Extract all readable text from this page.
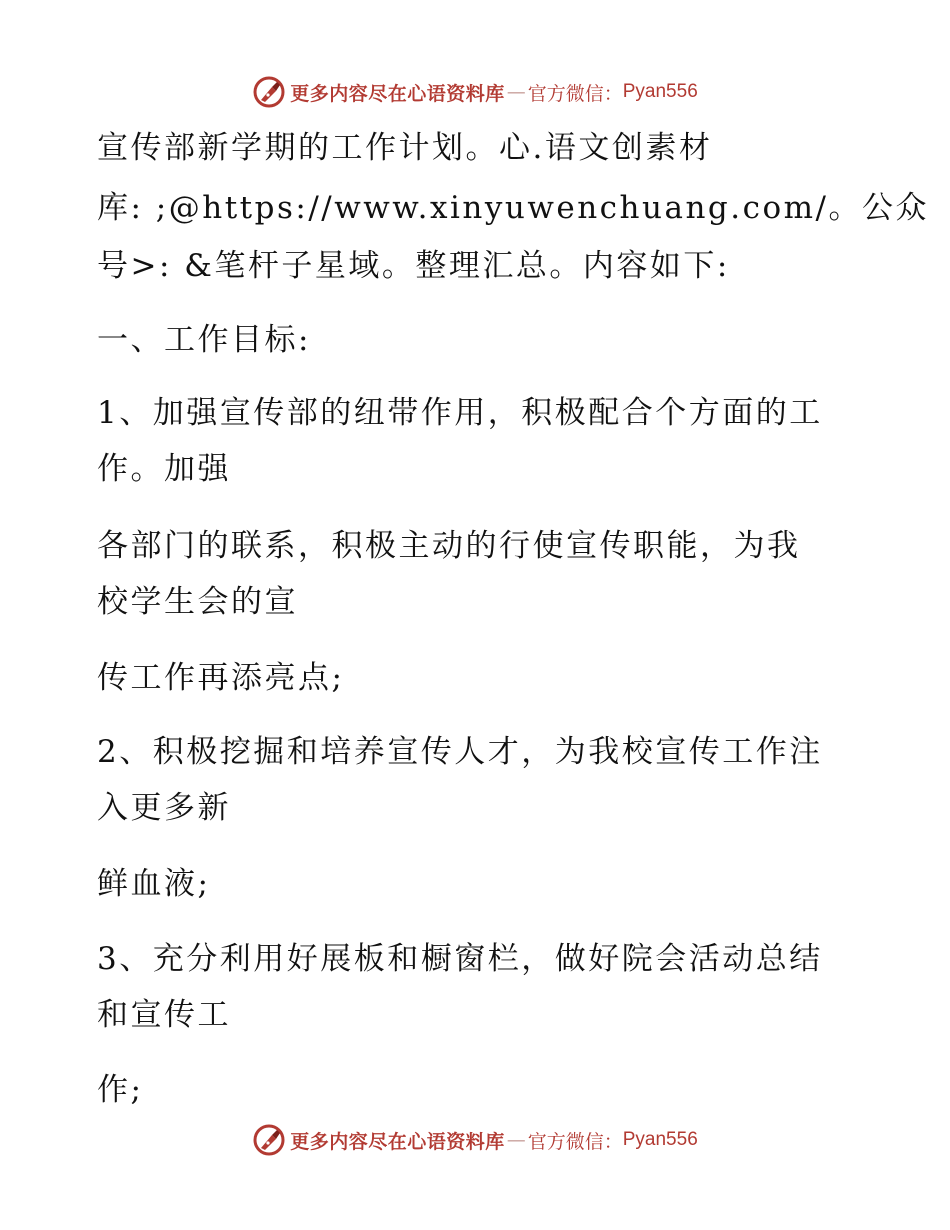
更多内容尽在心语资料库 — 官方微信： Pyan556
宣传部新学期的工作计划。心.语文创素材
库: ;@https://www.xinyuwenchuang.com/。公众
号>: &笔杆子星域。整理汇总。内容如下:
一、工作目标:
1、加强宣传部的纽带作用，积极配合个方面的工
作。加强
各部门的联系，积极主动的行使宣传职能，为我
校学生会的宣
传工作再添亮点;
2、积极挖掘和培养宣传人才，为我校宣传工作注
入更多新
鲜血液;
3、充分利用好展板和橱窗栏，做好院会活动总结
和宣传工
作;
更多内容尽在心语资料库 — 官方微信： Pyan556
